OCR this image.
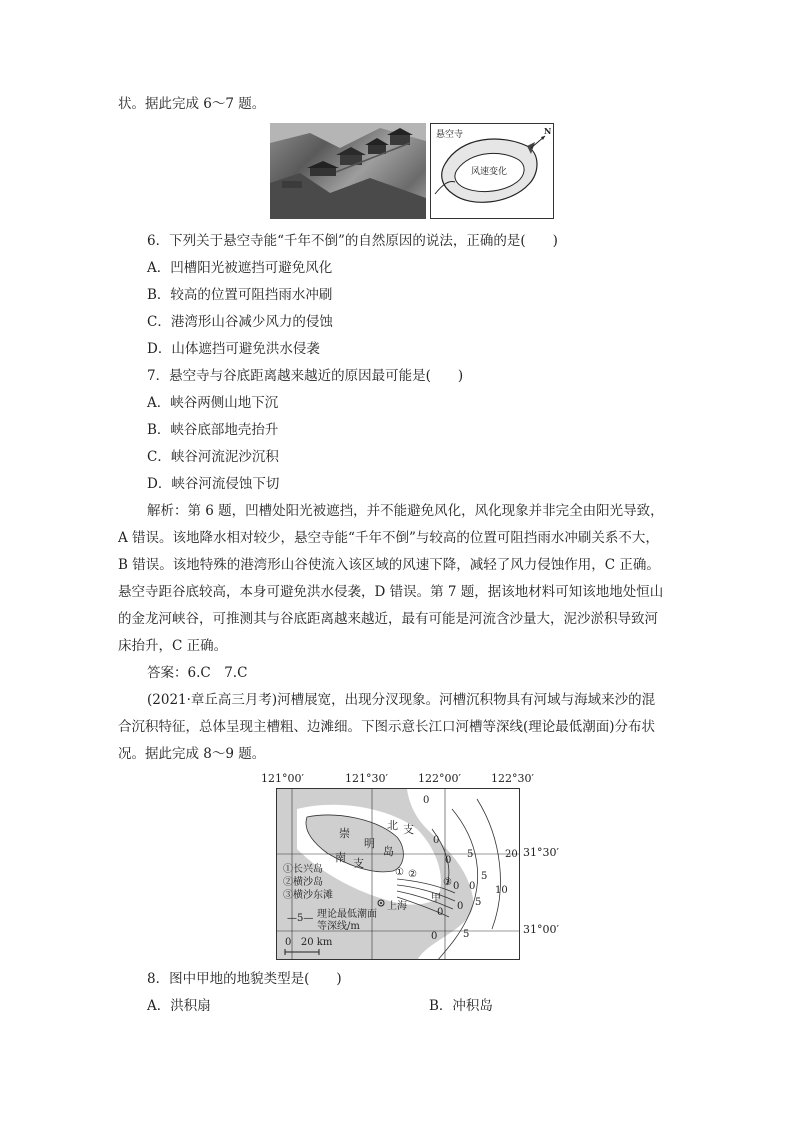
状。据此完成 6～7 题。
悬空寺
风速变化
N
6．下列关于悬空寺能“千年不倒”的自然原因的说法，正确的是(　　)
A．凹槽阳光被遮挡可避免风化
B．较高的位置可阻挡雨水冲刷
C．港湾形山谷减少风力的侵蚀
D．山体遮挡可避免洪水侵袭
7．悬空寺与谷底距离越来越近的原因最可能是(　　)
A．峡谷两侧山地下沉
B．峡谷底部地壳抬升
C．峡谷河流泥沙沉积
D．峡谷河流侵蚀下切
解析：第 6 题，凹槽处阳光被遮挡，并不能避免风化，风化现象并非完全由阳光导致，
A 错误。该地降水相对较少，悬空寺能“千年不倒”与较高的位置可阻挡雨水冲刷关系不大，
B 错误。该地特殊的港湾形山谷使流入该区域的风速下降，减轻了风力侵蚀作用，C 正确。
悬空寺距谷底较高，本身可避免洪水侵袭，D 错误。第 7 题，据该地材料可知该地地处恒山
的金龙河峡谷，可推测其与谷底距离越来越近，最有可能是河流含沙量大，泥沙淤积导致河
床抬升，C 正确。
答案：6.C　7.C
(2021·章丘高三月考)河槽展宽，出现分汊现象。河槽沉积物具有河域与海域来沙的混
合沉积特征，总体呈现主槽粗、边滩细。下图示意长江口河槽等深线(理论最低潮面)分布状
况。据此完成 8～9 题。
121°00′	121°30′	122°00′	122°30′
31°30′
31°00′
崇
明
岛
北 支
南 支
①长兴岛
②横沙岛
③横沙东滩
上海
① ②
③
甲
—5— 理论最低潮面
等深线/m
0   20 km
0
0
0
5
0 0
5
20
10
5
0
0
5
0
8．图中甲地的地貌类型是(　　)
A．洪积扇	B．冲积岛
